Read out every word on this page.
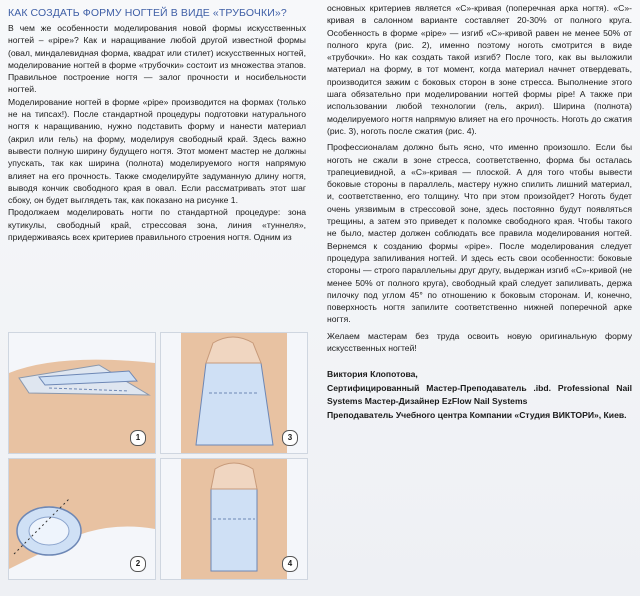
КАК СОЗДАТЬ ФОРМУ НОГТЕЙ В ВИДЕ «ТРУБОЧКИ»?

В чем же особенности моделирования новой формы искусственных ногтей – «pipe»? Как и наращивание любой другой известной формы (овал, миндалевидная форма, квадрат или стилет) искусственных ногтей, моделирование ногтей в форме «трубочки» состоит из множества этапов. Правильное построение ногтя — залог прочности и носибельности ногтей.

Моделирование ногтей в форме «pipe» производится на формах (только не на типсах!). После стандартной процедуры подготовки натурального ногтя к наращиванию, нужно подставить форму и нанести материал (акрил или гель) на форму, моделируя свободный край. Здесь важно вывести полную ширину будущего ногтя. Этот момент мастер не должны упускать, так как ширина (полнота) моделируемого ногтя напрямую влияет на его прочность. Также смоделируйте задуманную длину ногтя, выводя кончик свободного края в овал. Если рассматривать этот шаг сбоку, он будет выглядеть так, как показано на рисунке 1.

Продолжаем моделировать ногти по стандартной процедуре: зона кутикулы, свободный край, стрессовая зона, линия «туннеля», придерживаясь всех критериев правильного строения ногтя. Одним из

основных критериев является «С»-кривая (поперечная арка ногтя). «С»-кривая в салонном варианте составляет 20-30% от полного круга. Особенность в форме «pipe» — изгиб «С»-кривой равен не менее 50% от полного круга (рис. 2), именно поэтому ноготь смотрится в виде «трубочки». Но как создать такой изгиб? После того, как вы выложили материал на форму, в тот момент, когда материал начнет отвердевать, производится зажим с боковых сторон в зоне стресса. Выполнение этого шага обязательно при моделировании ногтей формы pipe! А также при использовании любой технологии (гель, акрил). Ширина (полнота) моделируемого ногтя напрямую влияет на его прочность. Ноготь до сжатия (рис. 3), ноготь после сжатия (рис. 4).

Профессионалам должно быть ясно, что именно произошло. Если бы ноготь не сжали в зоне стресса, соответственно, форма бы осталась трапециевидной, а «С»-кривая — плоской. А для того чтобы вывести боковые стороны в параллель, мастеру нужно спилить лишний материал, и, соответственно, его толщину. Что при этом произойдет? Ноготь будет очень уязвимым в стрессовой зоне, здесь постоянно будут появляться трещины, а затем это приведет к поломке свободного края. Чтобы такого не было, мастер должен соблюдать все правила моделирования ногтей. Вернемся к созданию формы «pipe». После моделирования следует процедура запиливания ногтей. И здесь есть свои особенности: боковые стороны — строго параллельны друг другу, выдержан изгиб «С»-кривой (не менее 50% от полного круга), свободный край следует запиливать, держа пилочку под углом 45° по отношению к боковым сторонам. И, конечно, поверхность ногтя запилите соответственно нижней поперечной арке ногтя.

Желаем мастерам без труда освоить новую оригинальную форму искусственных ногтей!

Виктория Клопотова,
Сертифицированный Мастер-Преподаватель .ibd. Professional Nail Systems Мастер-Дизайнер EzFlow Nail Systems
Преподаватель Учебного центра Компании «Студия ВИКТОРИ», Киев.
1	3
2	4
